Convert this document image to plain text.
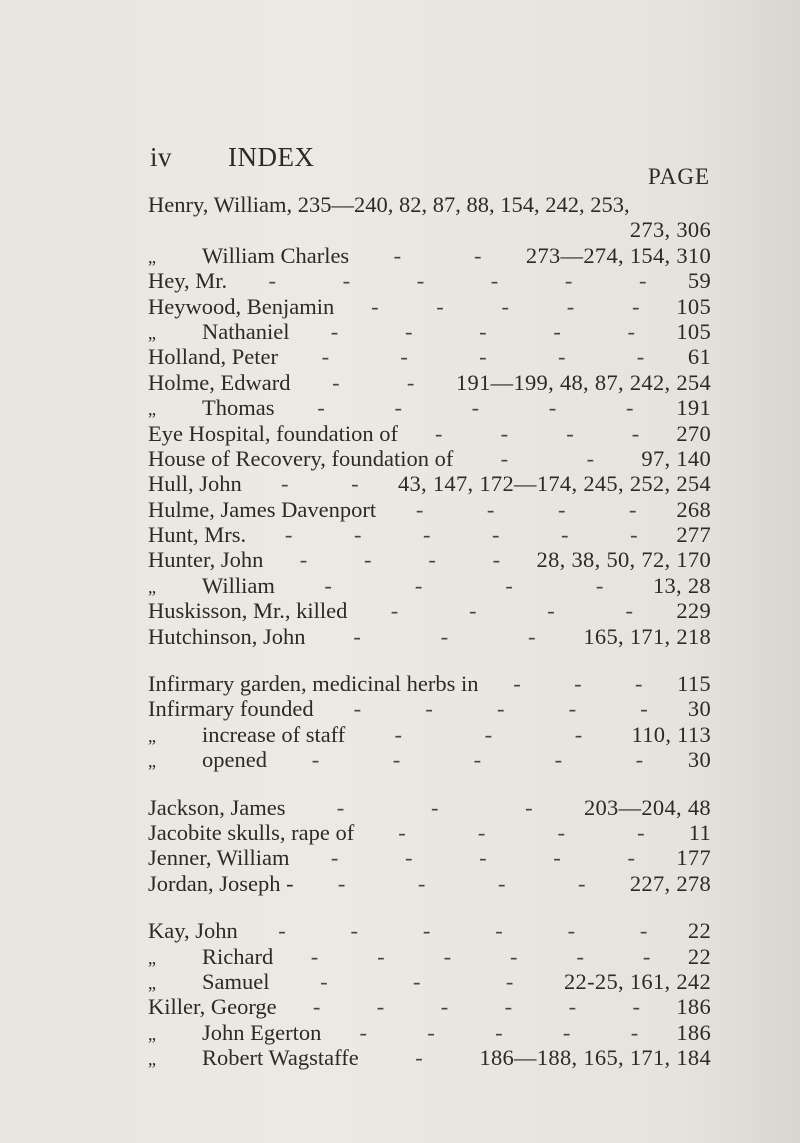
iv INDEX
PAGE
Henry, William, 235—240, 82, 87, 88, 154, 242, 253,
273, 306
„ William Charles -	- 273—274, 154, 310
Hey, Mr. -	-	-	-	-	- 59
Heywood, Benjamin -	-	-	-	- 105
„ Nathaniel -	-	-	-	- 105
Holland, Peter -	-	-	-	- 61
Holme, Edward -	- 191—199, 48, 87, 242, 254
„ Thomas -	-	-	-	- 191
Eye Hospital, foundation of -	-	-	- 270
House of Recovery, foundation of -	- 97, 140
Hull, John -	- 43, 147, 172—174, 245, 252, 254
Hulme, James Davenport -	-	-	- 268
Hunt, Mrs. -	-	-	-	-	- 277
Hunter, John -	-	-	- 28, 38, 50, 72, 170
„ William -	-	-	- 13, 28
Huskisson, Mr., killed -	-	-	- 229
Hutchinson, John -	-	- 165, 171, 218
Infirmary garden, medicinal herbs in - - - 115
Infirmary founded -	-	-	-	- 30
„ increase of staff -	-	- 110, 113
„ opened -	-	-	-	- 30
Jackson, James -	-	- 203—204, 48
Jacobite skulls, rape of -	-	-	- 11
Jenner, William -	-	-	-	- 177
Jordan, Joseph - -	-	-	- 227, 278
Kay, John -	-	-	-	-	- 22
„ Richard -	-	-	-	-	- 22
„ Samuel -	-	- 22-25, 161, 242
Killer, George -	-	-	-	-	- 186
„ John Egerton -	-	-	-	- 186
„ Robert Wagstaffe	-	186—188, 165, 171, 184
